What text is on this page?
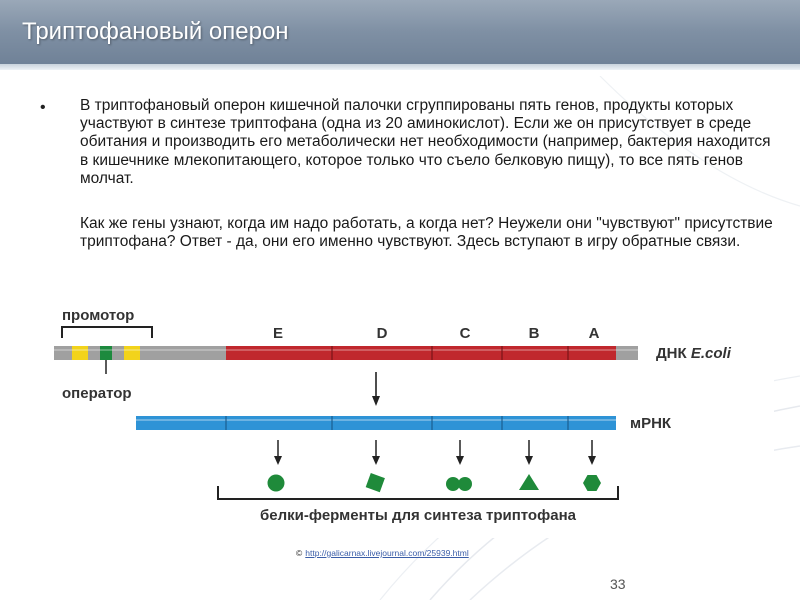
Триптофановый оперон
• В триптофановый оперон кишечной палочки сгруппированы пять генов, продукты которых участвуют в синтезе триптофана (одна из 20 аминокислот). Если же он присутствует в среде обитания и производить его метаболически нет необходимости (например, бактерия находится в кишечнике млекопитающего, которое только что съело белковую пищу), то все пять генов молчат.
Как же гены узнают, когда им надо работать, а когда нет? Неужели они "чувствуют" присутствие триптофана? Ответ - да, они его именно чувствуют. Здесь вступают в игру обратные связи.
промотор
E	D	C	B	A
ДНК E.coli
оператор
мРНК
белки-ферменты для синтеза триптофана
© http://galicarnax.livejournal.com/25939.html
33
